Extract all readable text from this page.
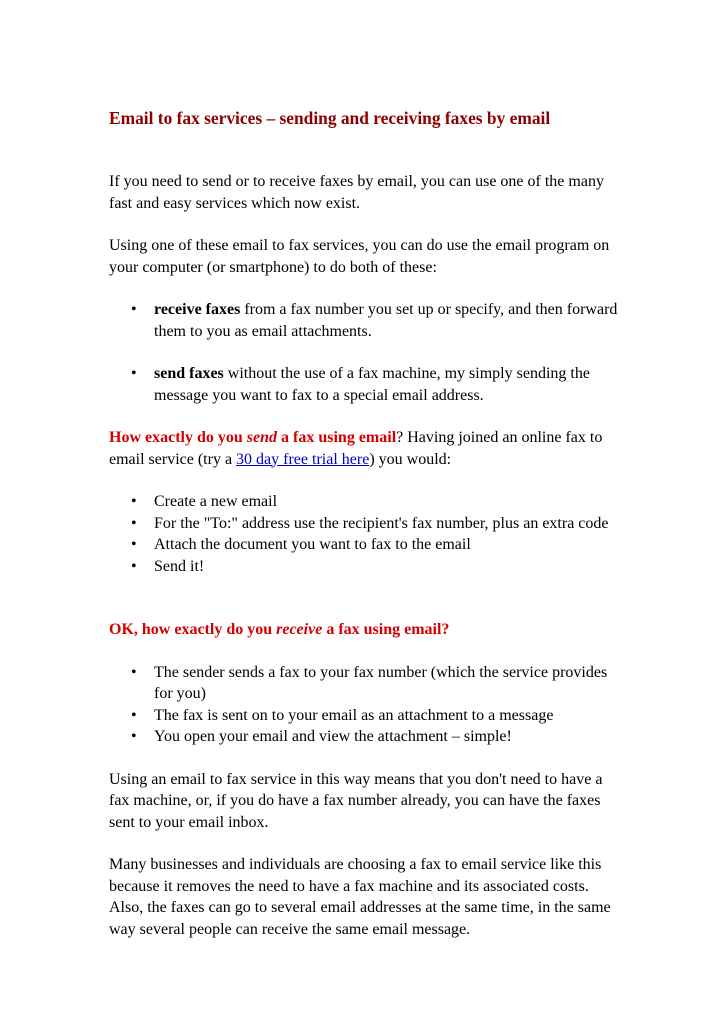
Email to fax services – sending and receiving faxes by email

If you need to send or to receive faxes by email, you can use one of the many fast and easy services which now exist.

Using one of these email to fax services, you can do use the email program on your computer (or smartphone) to do both of these:

• receive faxes from a fax number you set up or specify, and then forward them to you as email attachments.
• send faxes without the use of a fax machine, my simply sending the message you want to fax to a special email address.

How exactly do you send a fax using email? Having joined an online fax to email service (try a 30 day free trial here) you would:

• Create a new email
• For the "To:" address use the recipient's fax number, plus an extra code
• Attach the document you want to fax to the email
• Send it!

OK, how exactly do you receive a fax using email?

• The sender sends a fax to your fax number (which the service provides for you)
• The fax is sent on to your email as an attachment to a message
• You open your email and view the attachment – simple!

Using an email to fax service in this way means that you don't need to have a fax machine, or, if you do have a fax number already, you can have the faxes sent to your email inbox.

Many businesses and individuals are choosing a fax to email service like this because it removes the need to have a fax machine and its associated costs. Also, the faxes can go to several email addresses at the same time, in the same way several people can receive the same email message.
